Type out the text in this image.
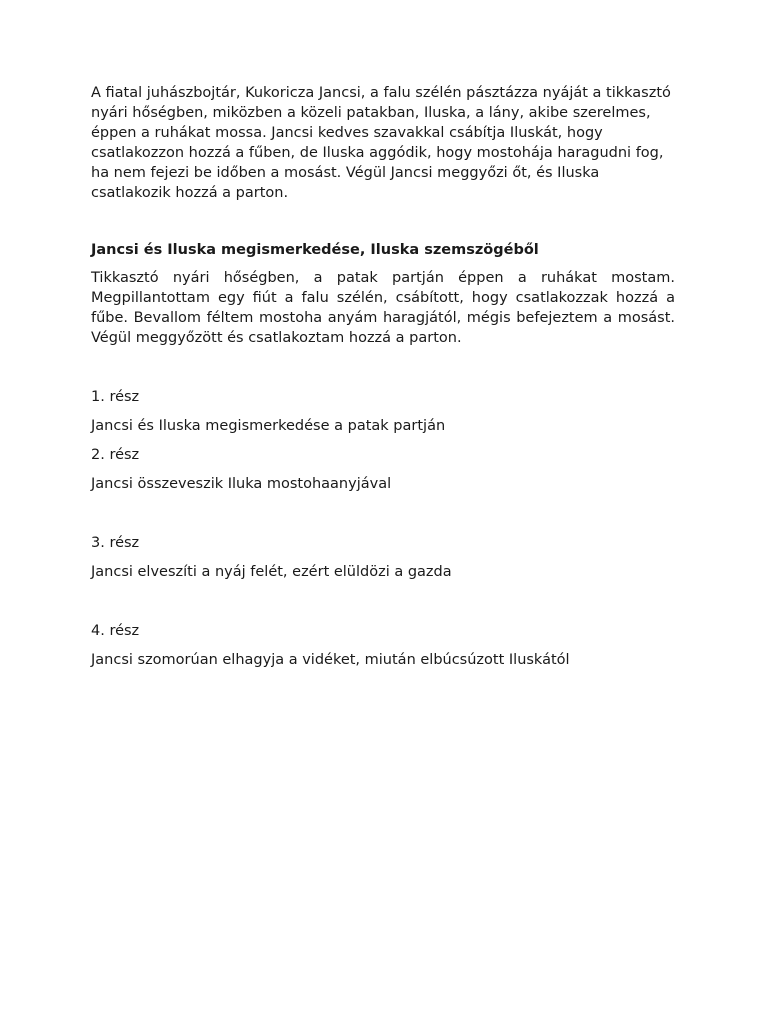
A fiatal juhászbojtár, Kukoricza Jancsi, a falu szélén pásztázza nyáját a tikkasztó nyári hőségben, miközben a közeli patakban, Iluska, a lány, akibe szerelmes, éppen a ruhákat mossa. Jancsi kedves szavakkal csábítja Iluskát, hogy csatlakozzon hozzá a fűben, de Iluska aggódik, hogy mostohája haragudni fog, ha nem fejezi be időben a mosást. Végül Jancsi meggyőzi őt, és Iluska csatlakozik hozzá a parton.

Jancsi és Iluska megismerkedése, Iluska szemszögéből

Tikkasztó nyári hőségben, a patak partján éppen a ruhákat mostam. Megpillantottam egy fiút a falu szélén, csábított, hogy csatlakozzak hozzá a fűbe. Bevallom féltem mostoha anyám haragjától, mégis befejeztem a mosást. Végül meggyőzött és csatlakoztam hozzá a parton.

1. rész

Jancsi és Iluska megismerkedése a patak partján

2. rész

Jancsi összeveszik Iluka mostohaanyjával

3. rész

Jancsi elveszíti a nyáj felét, ezért elüldözi a gazda

4. rész

Jancsi szomorúan elhagyja a vidéket, miután elbúcsúzott Iluskától
